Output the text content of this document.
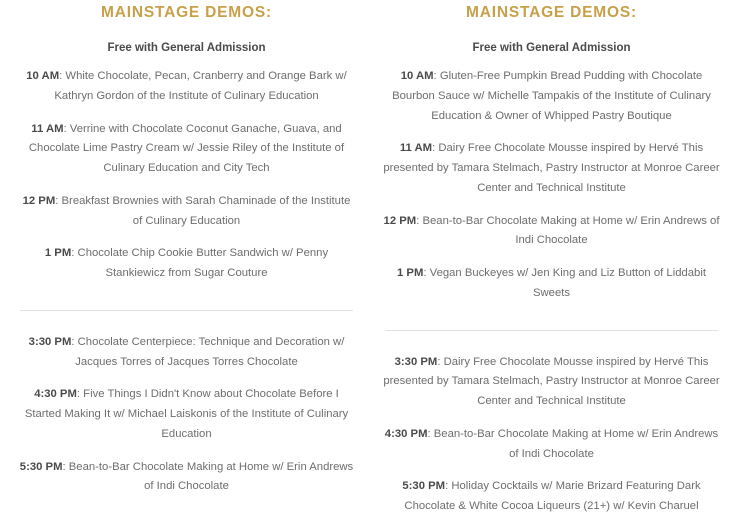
MAINSTAGE DEMOS:
Free with General Admission

10 AM: White Chocolate, Pecan, Cranberry and Orange Bark w/ Kathryn Gordon of the Institute of Culinary Education

11 AM: Verrine with Chocolate Coconut Ganache, Guava, and Chocolate Lime Pastry Cream w/ Jessie Riley of the Institute of Culinary Education and City Tech

12 PM: Breakfast Brownies with Sarah Chaminade of the Institute of Culinary Education

1 PM: Chocolate Chip Cookie Butter Sandwich w/ Penny Stankiewicz from Sugar Couture

3:30 PM: Chocolate Centerpiece: Technique and Decoration w/ Jacques Torres of Jacques Torres Chocolate

4:30 PM: Five Things I Didn't Know about Chocolate Before I Started Making It w/ Michael Laiskonis of the Institute of Culinary Education

5:30 PM: Bean-to-Bar Chocolate Making at Home w/ Erin Andrews of Indi Chocolate

MAINSTAGE DEMOS:
Free with General Admission

10 AM: Gluten-Free Pumpkin Bread Pudding with Chocolate Bourbon Sauce w/ Michelle Tampakis of the Institute of Culinary Education & Owner of Whipped Pastry Boutique

11 AM: Dairy Free Chocolate Mousse inspired by Hervé This presented by Tamara Stelmach, Pastry Instructor at Monroe Career Center and Technical Institute

12 PM: Bean-to-Bar Chocolate Making at Home w/ Erin Andrews of Indi Chocolate

1 PM: Vegan Buckeyes w/ Jen King and Liz Button of Liddabit Sweets

3:30 PM: Dairy Free Chocolate Mousse inspired by Hervé This presented by Tamara Stelmach, Pastry Instructor at Monroe Career Center and Technical Institute

4:30 PM: Bean-to-Bar Chocolate Making at Home w/ Erin Andrews of Indi Chocolate

5:30 PM: Holiday Cocktails w/ Marie Brizard Featuring Dark Chocolate & White Cocoa Liqueurs (21+) w/ Kevin Charuel
